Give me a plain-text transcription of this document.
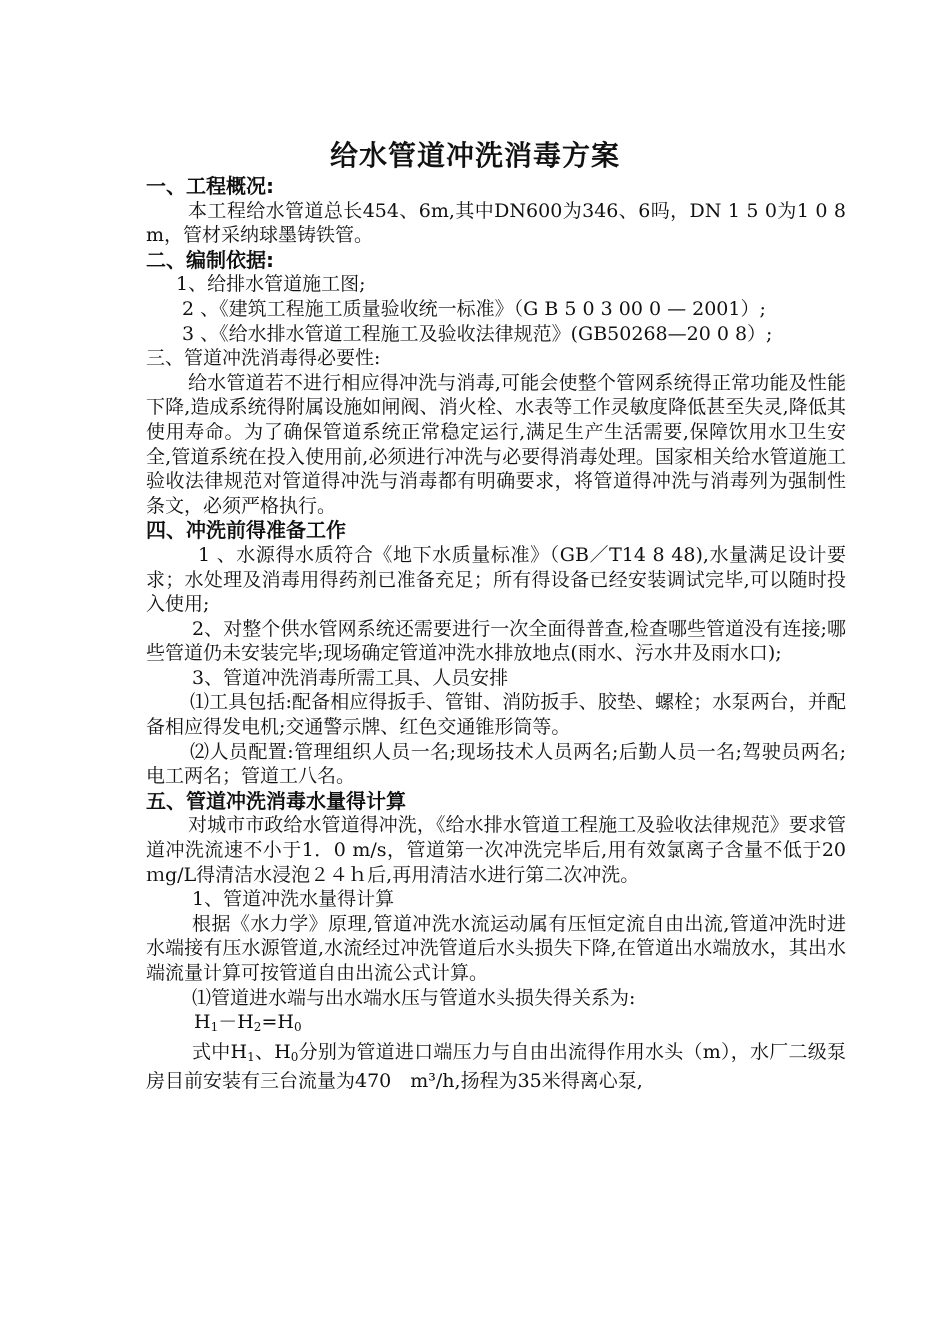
给水管道冲洗消毒方案
一、工程概况:

本工程给水管道总长454、6m,其中DN600为346、6吗，DN 1 5 0为1 0 8 m，管材采纳球墨铸铁管。

二、编制依据:

1、给排水管道施工图;

2 、《建筑工程施工质量验收统一标准》（G B 5 0 3 00 0 — 2001）;

3 、《给水排水管道工程施工及验收法律规范》(GB50268—20 0 8）;

三、管道冲洗消毒得必要性:

给水管道若不进行相应得冲洗与消毒,可能会使整个管网系统得正常功能及性能下降,造成系统得附属设施如闸阀、消火栓、水表等工作灵敏度降低甚至失灵,降低其使用寿命。为了确保管道系统正常稳定运行,满足生产生活需要,保障饮用水卫生安全,管道系统在投入使用前,必须进行冲洗与必要得消毒处理。国家相关给水管道施工验收法律规范对管道得冲洗与消毒都有明确要求，将管道得冲洗与消毒列为强制性条文，必须严格执行。

四、冲洗前得准备工作

1 、水源得水质符合《地下水质量标准》（GB／T14 8 48),水量满足设计要求；水处理及消毒用得药剂已准备充足；所有得设备已经安装调试完毕,可以随时投入使用;

2、对整个供水管网系统还需要进行一次全面得普查,检查哪些管道没有连接;哪些管道仍未安装完毕;现场确定管道冲洗水排放地点(雨水、污水井及雨水口);

3、管道冲洗消毒所需工具、人员安排

⑴工具包括:配备相应得扳手、管钳、消防扳手、胶垫、螺栓；水泵两台，并配备相应得发电机;交通警示牌、红色交通锥形筒等。

⑵人员配置:管理组织人员一名;现场技术人员两名;后勤人员一名;驾驶员两名;电工两名；管道工八名。

五、管道冲洗消毒水量得计算

对城市市政给水管道得冲洗，《给水排水管道工程施工及验收法律规范》要求管道冲洗流速不小于1．0 m/s，管道第一次冲洗完毕后,用有效氯离子含量不低于20ｍg/L得清洁水浸泡２４ｈ后,再用清洁水进行第二次冲洗。

1、管道冲洗水量得计算

根据《水力学》原理,管道冲洗水流运动属有压恒定流自由出流,管道冲洗时进水端接有压水源管道,水流经过冲洗管道后水头损失下降,在管道出水端放水，其出水端流量计算可按管道自由出流公式计算。

⑴管道进水端与出水端水压与管道水头损失得关系为:

$H_1-H_2=H_0$

式中$H_1$、$H_0$分别为管道进口端压力与自由出流得作用水头（m），水厂二级泵房目前安装有三台流量为470　m³/h,扬程为35米得离心泵,
